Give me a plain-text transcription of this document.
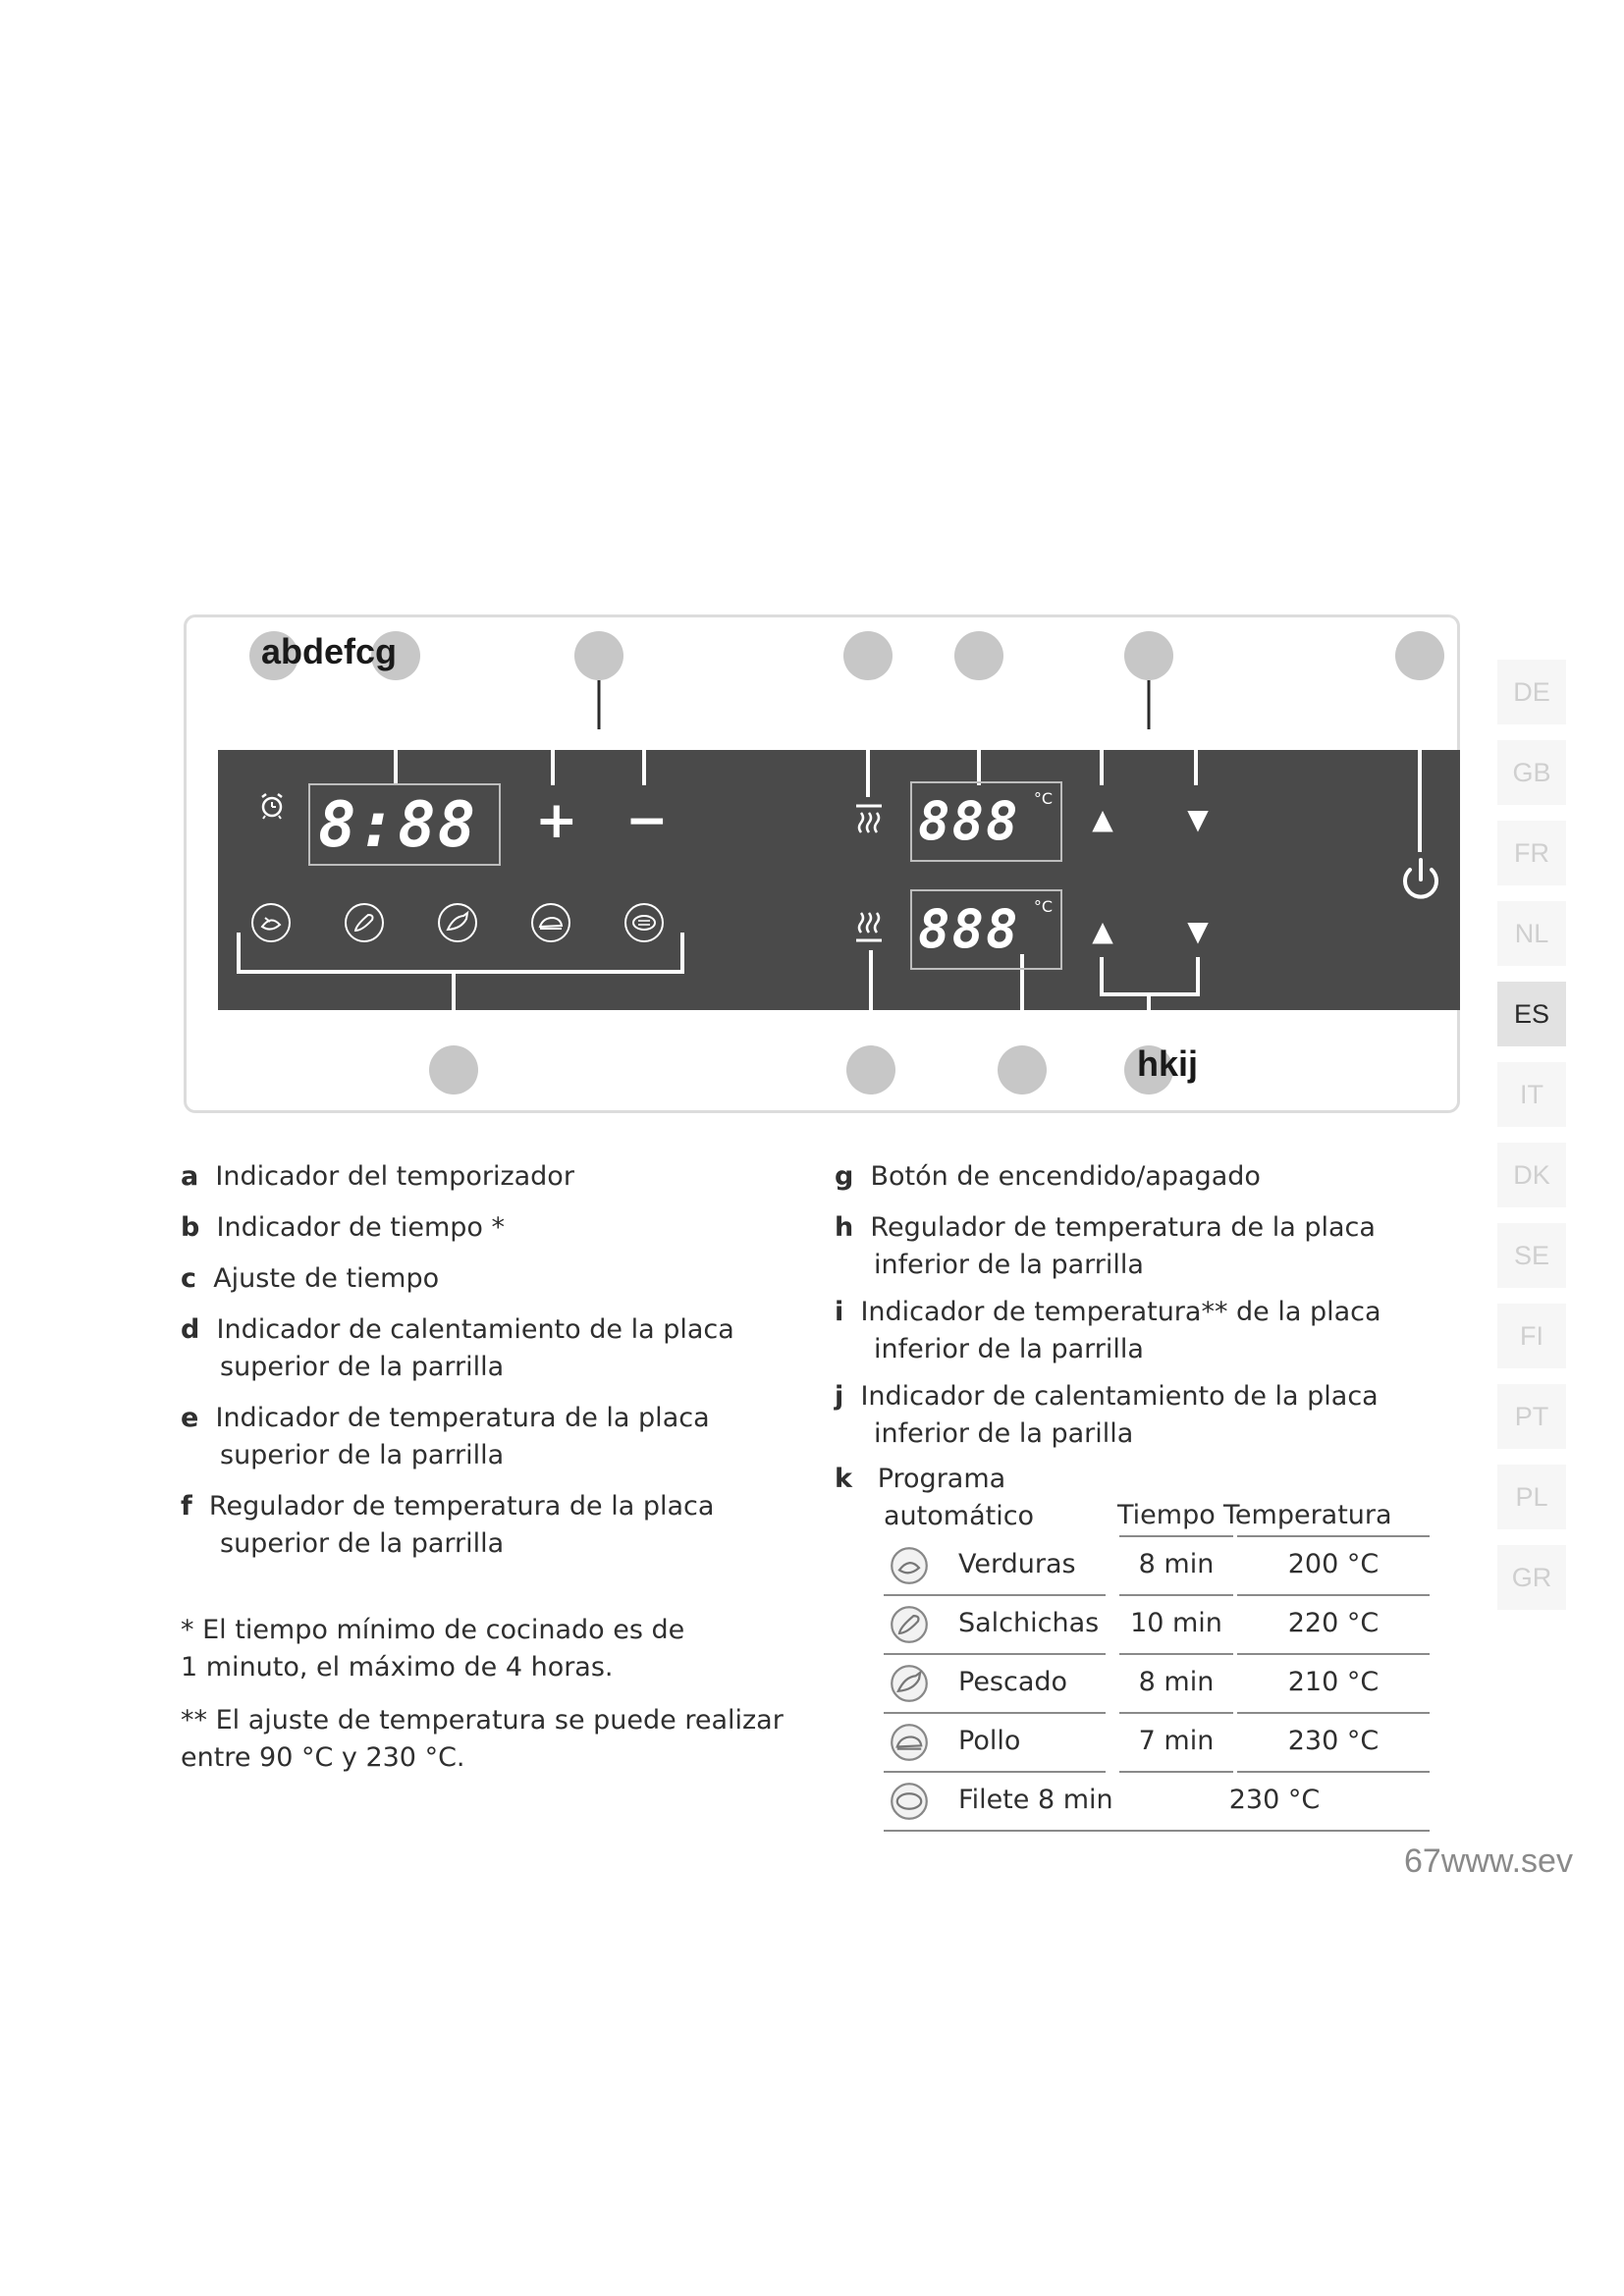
abdefcg
hkij
8:88 + −	888 °C
888 °C
▲	▼
▲	▼
DE
GB
FR
NL
ES
IT
DK
SE
FI
PT
PL
GR
a Indicador del temporizador
b Indicador de tiempo *
c Ajuste de tiempo
d Indicador de calentamiento de la placa
superior de la parrilla
e Indicador de temperatura de la placa
superior de la parrilla
f Regulador de temperatura de la placa
superior de la parrilla
* El tiempo mínimo de cocinado es de
1 minuto, el máximo de 4 horas.
** El ajuste de temperatura se puede realizar
entre 90 °C y 230 °C.
g Botón de encendido/apagado
h Regulador de temperatura de la placa
inferior de la parrilla
i Indicador de temperatura** de la placa
inferior de la parrilla
j Indicador de calentamiento de la placa
inferior de la parilla
k Programa
automático	Tiempo Temperatura
Verduras	8 min	200 °C
Salchichas	10 min	220 °C
Pescado	8 min	210 °C
Pollo	7 min	230 °C
Filete 8 min	230 °C
67www.sev
